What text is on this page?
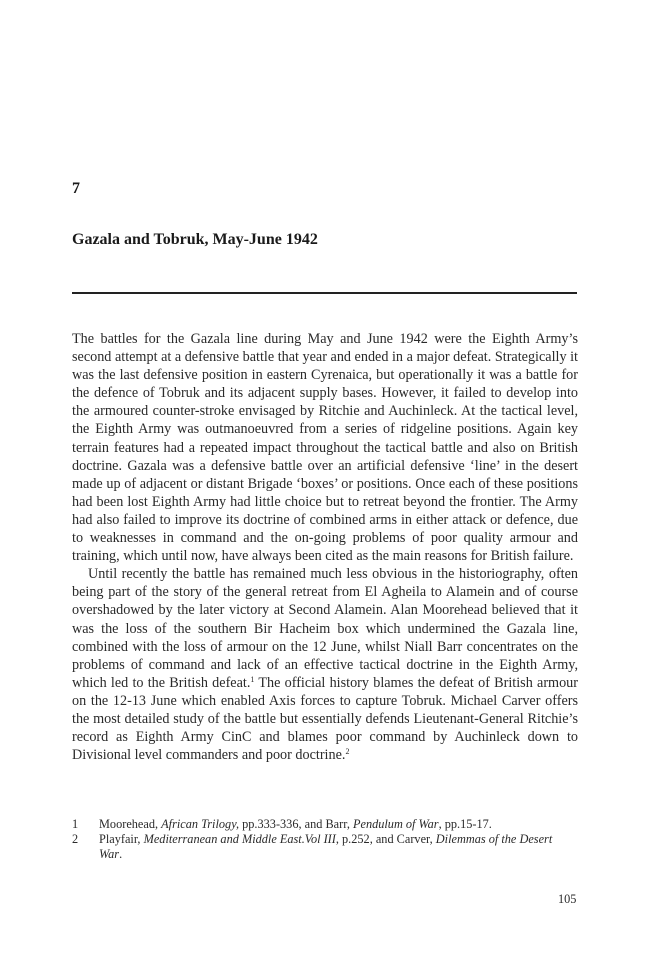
7
Gazala and Tobruk, May-June 1942

The battles for the Gazala line during May and June 1942 were the Eighth Army’s second attempt at a defensive battle that year and ended in a major defeat. Strategically it was the last defensive position in eastern Cyrenaica, but operationally it was a battle for the defence of Tobruk and its adjacent supply bases. However, it failed to develop into the armoured counter-stroke envisaged by Ritchie and Auchinleck. At the tactical level, the Eighth Army was outmanoeuvred from a series of ridgeline positions. Again key terrain features had a repeated impact throughout the tactical battle and also on British doctrine. Gazala was a defensive battle over an artificial defensive ‘line’ in the desert made up of adjacent or distant Brigade ‘boxes’ or positions. Once each of these positions had been lost Eighth Army had little choice but to retreat beyond the frontier. The Army had also failed to improve its doctrine of combined arms in either attack or defence, due to weaknesses in command and the on-going problems of poor quality armour and training, which until now, have always been cited as the main reasons for British failure.

Until recently the battle has remained much less obvious in the historiography, often being part of the story of the general retreat from El Agheila to Alamein and of course overshadowed by the later victory at Second Alamein. Alan Moorehead believed that it was the loss of the southern Bir Hacheim box which undermined the Gazala line, combined with the loss of armour on the 12 June, whilst Niall Barr concentrates on the problems of command and lack of an effective tactical doctrine in the Eighth Army, which led to the British defeat.$^1$ The official history blames the defeat of British armour on the 12-13 June which enabled Axis forces to capture Tobruk. Michael Carver offers the most detailed study of the battle but essentially defends Lieutenant-General Ritchie’s record as Eighth Army CinC and blames poor command by Auchinleck down to Divisional level commanders and poor doctrine.$^2$

1 Moorehead, African Trilogy, pp.333-336, and Barr, Pendulum of War, pp.15-17.
2 Playfair, Mediterranean and Middle East.Vol III, p.252, and Carver, Dilemmas of the Desert War.
105
